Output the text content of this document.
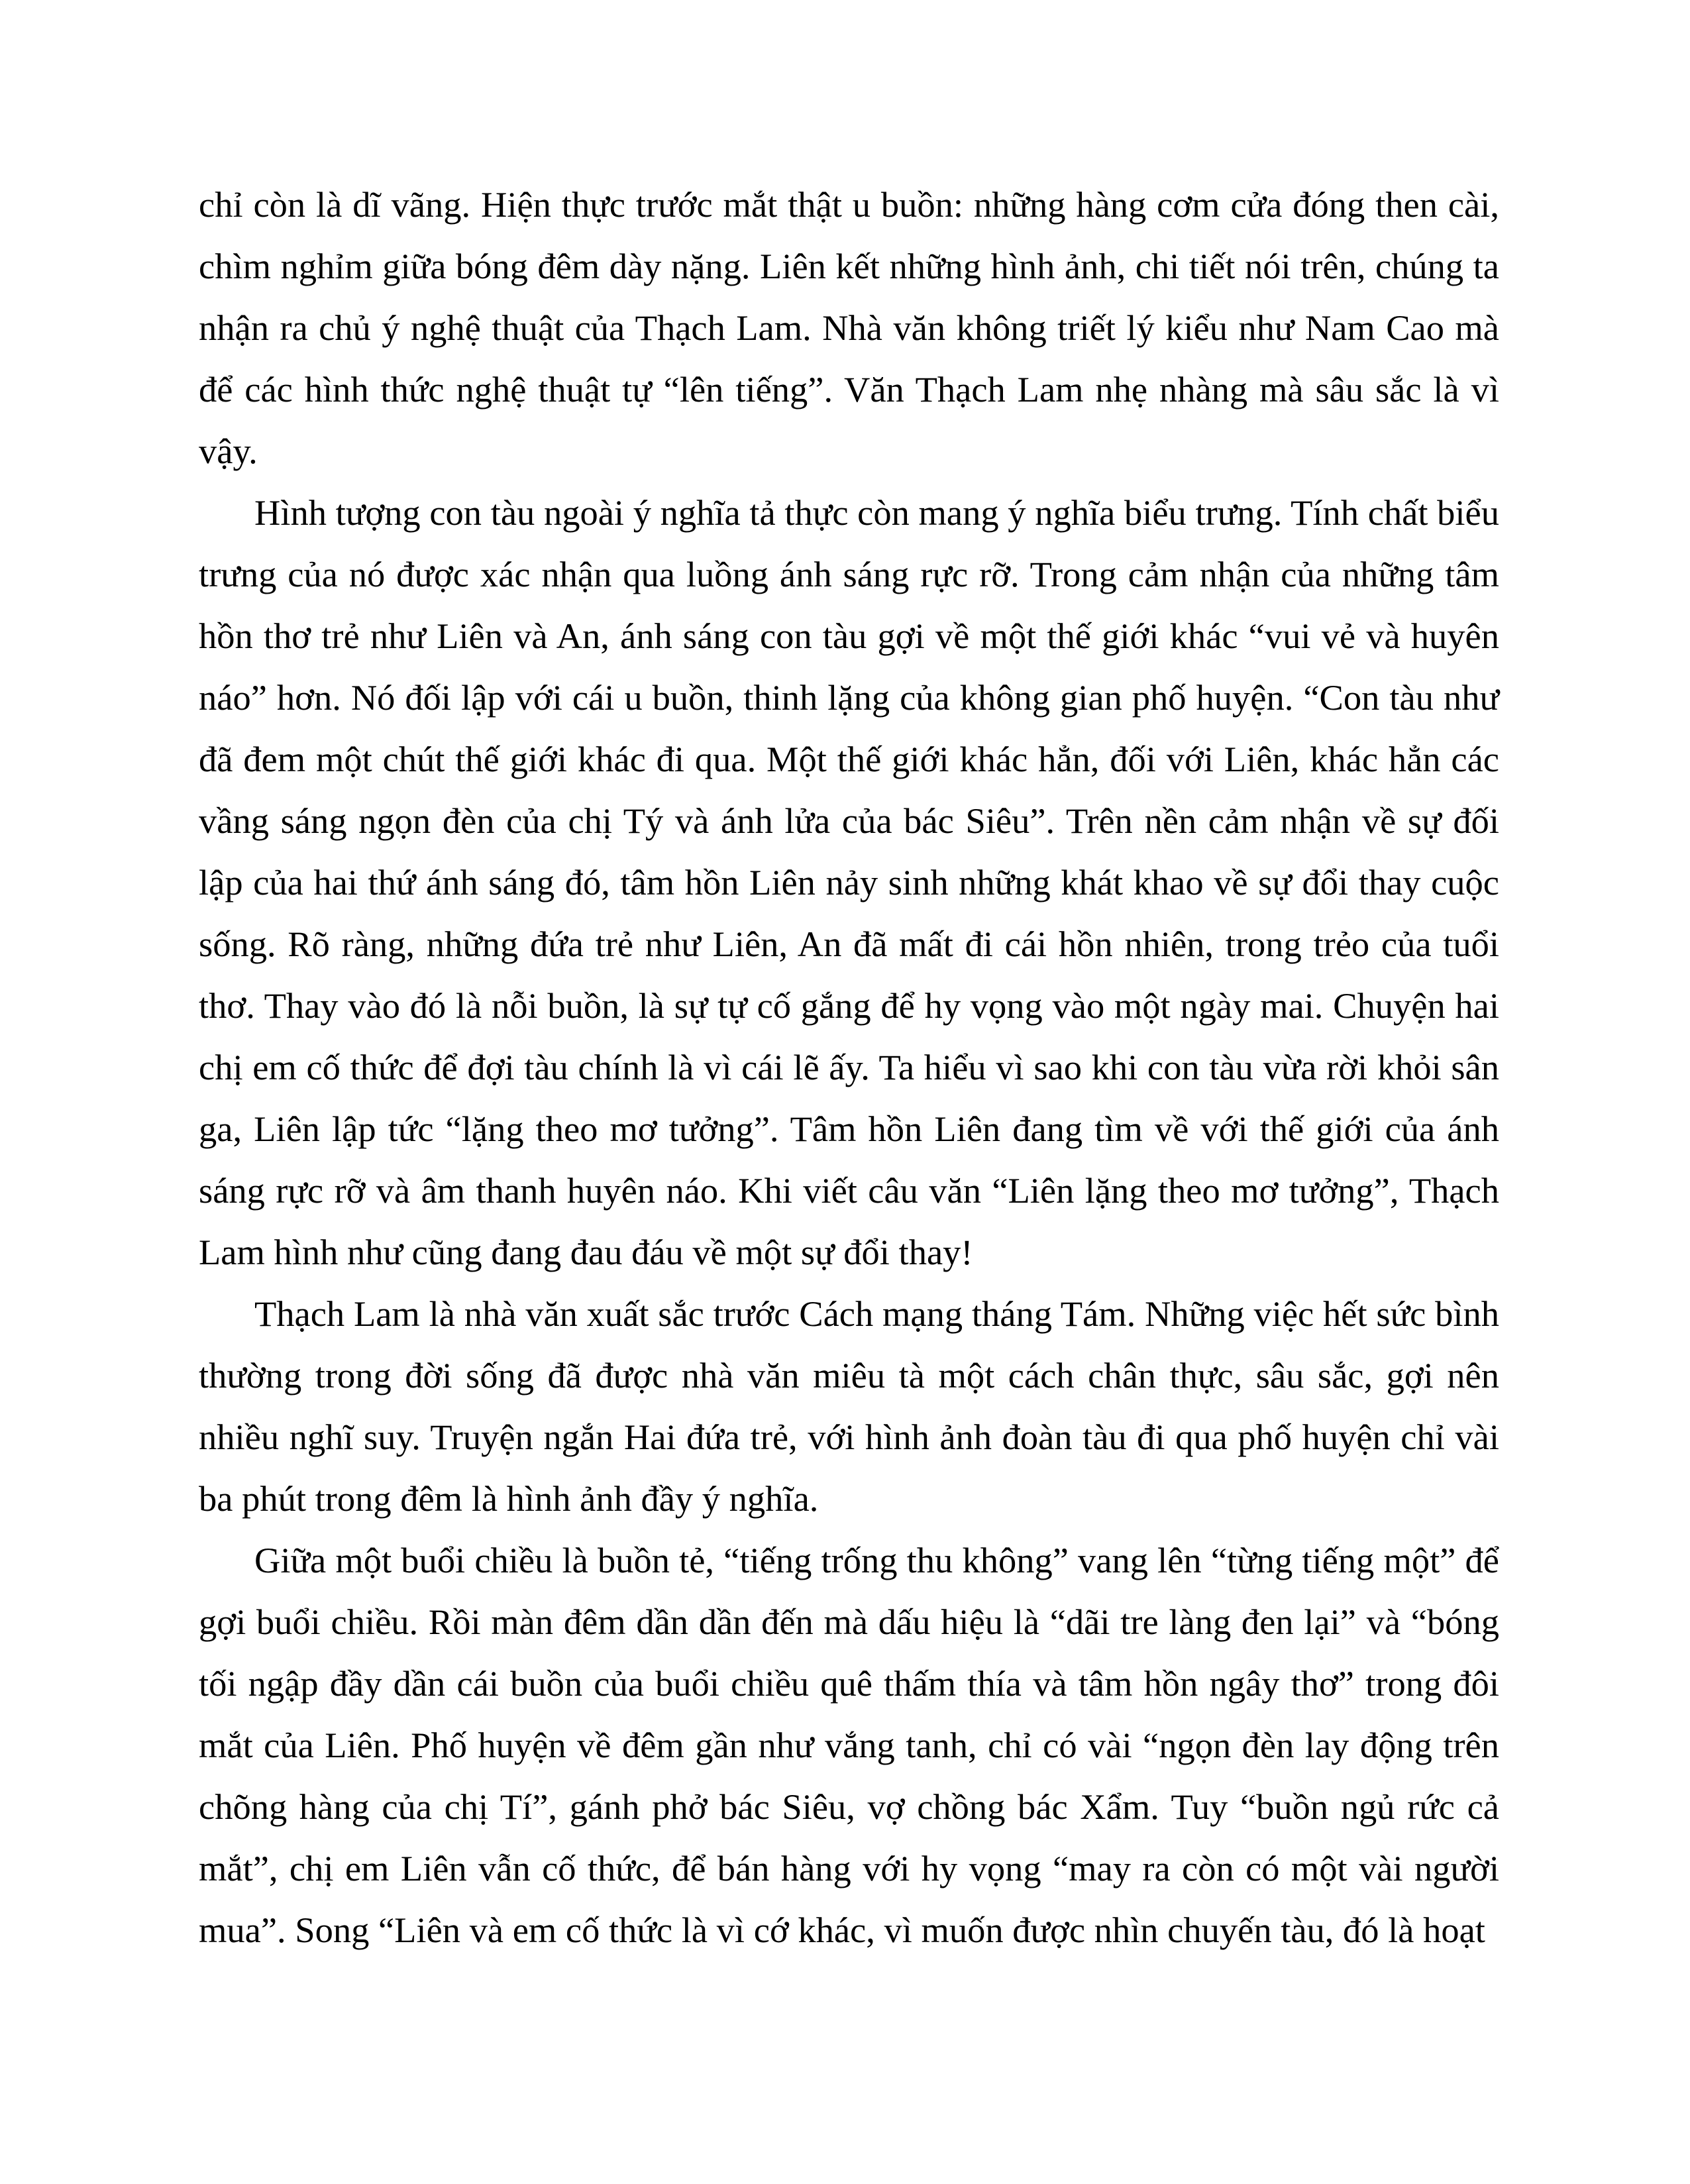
chỉ còn là dĩ vãng. Hiện thực trước mắt thật u buồn: những hàng cơm cửa đóng then cài, chìm nghỉm giữa bóng đêm dày nặng. Liên kết những hình ảnh, chi tiết nói trên, chúng ta nhận ra chủ ý nghệ thuật của Thạch Lam. Nhà văn không triết lý kiểu như Nam Cao mà để các hình thức nghệ thuật tự “lên tiếng”. Văn Thạch Lam nhẹ nhàng mà sâu sắc là vì vậy.

Hình tượng con tàu ngoài ý nghĩa tả thực còn mang ý nghĩa biểu trưng. Tính chất biểu trưng của nó được xác nhận qua luồng ánh sáng rực rỡ. Trong cảm nhận của những tâm hồn thơ trẻ như Liên và An, ánh sáng con tàu gợi về một thế giới khác “vui vẻ và huyên náo” hơn. Nó đối lập với cái u buồn, thinh lặng của không gian phố huyện. “Con tàu như đã đem một chút thế giới khác đi qua. Một thế giới khác hẳn, đối với Liên, khác hẳn các vầng sáng ngọn đèn của chị Tý và ánh lửa của bác Siêu”. Trên nền cảm nhận về sự đối lập của hai thứ ánh sáng đó, tâm hồn Liên nảy sinh những khát khao về sự đổi thay cuộc sống. Rõ ràng, những đứa trẻ như Liên, An đã mất đi cái hồn nhiên, trong trẻo của tuổi thơ. Thay vào đó là nỗi buồn, là sự tự cố gắng để hy vọng vào một ngày mai. Chuyện hai chị em cố thức để đợi tàu chính là vì cái lẽ ấy. Ta hiểu vì sao khi con tàu vừa rời khỏi sân ga, Liên lập tức “lặng theo mơ tưởng”. Tâm hồn Liên đang tìm về với thế giới của ánh sáng rực rỡ và âm thanh huyên náo. Khi viết câu văn “Liên lặng theo mơ tưởng”, Thạch Lam hình như cũng đang đau đáu về một sự đổi thay!

Thạch Lam là nhà văn xuất sắc trước Cách mạng tháng Tám. Những việc hết sức bình thường trong đời sống đã được nhà văn miêu tà một cách chân thực, sâu sắc, gợi nên nhiều nghĩ suy. Truyện ngắn Hai đứa trẻ, với hình ảnh đoàn tàu đi qua phố huyện chỉ vài ba phút trong đêm là hình ảnh đầy ý nghĩa.

Giữa một buổi chiều là buồn tẻ, “tiếng trống thu không” vang lên “từng tiếng một” để gợi buổi chiều. Rồi màn đêm dần dần đến mà dấu hiệu là “dãi tre làng đen lại” và “bóng tối ngập đầy dần cái buồn của buổi chiều quê thấm thía và tâm hồn ngây thơ” trong đôi mắt của Liên. Phố huyện về đêm gần như vắng tanh, chỉ có vài “ngọn đèn lay động trên chõng hàng của chị Tí”, gánh phở bác Siêu, vợ chồng bác Xẩm. Tuy “buồn ngủ rức cả mắt”, chị em Liên vẫn cố thức, để bán hàng với hy vọng “may ra còn có một vài người mua”. Song “Liên và em cố thức là vì cớ khác, vì muốn được nhìn chuyến tàu, đó là hoạt
